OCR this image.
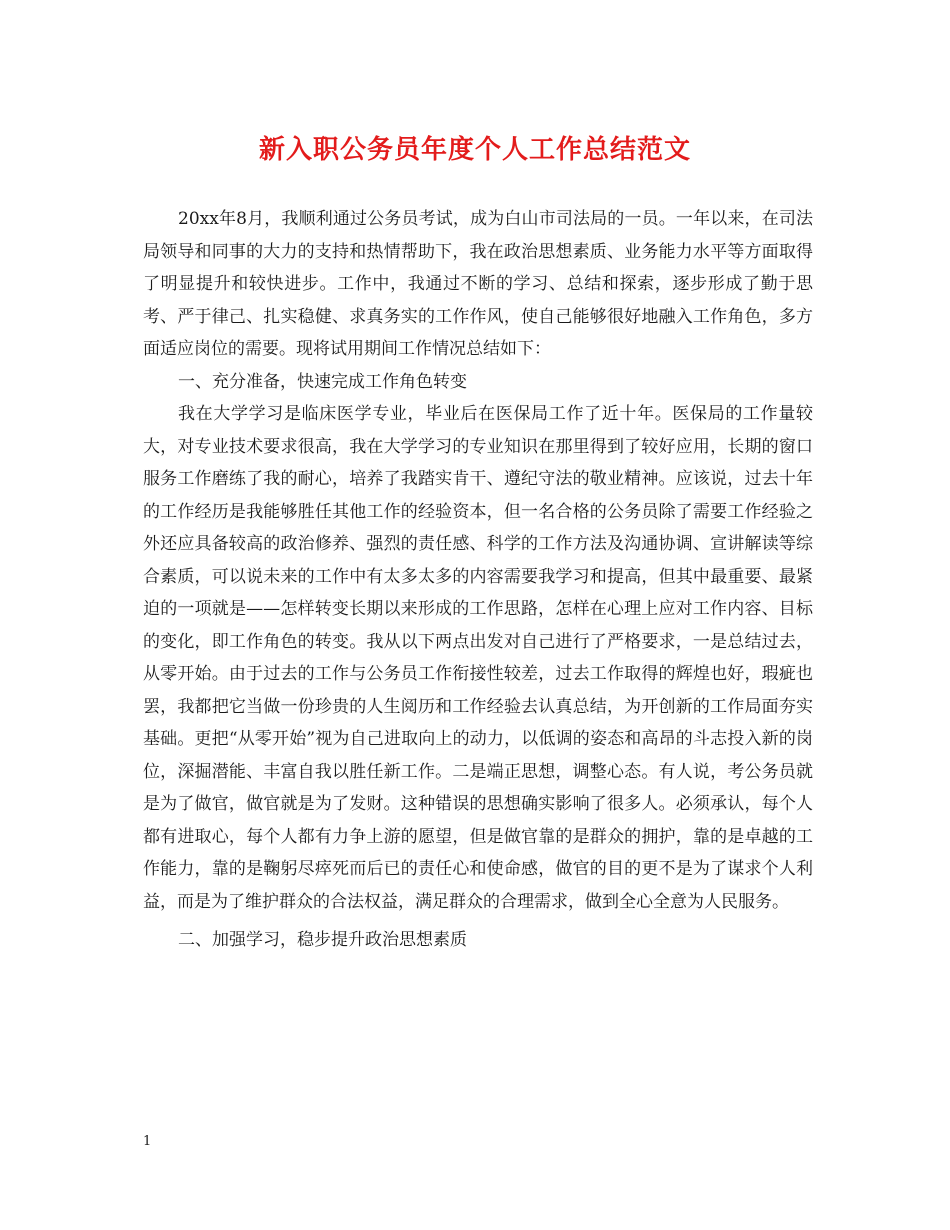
新入职公务员年度个人工作总结范文

20xx年8月，我顺利通过公务员考试，成为白山市司法局的一员。一年以来，在司法局领导和同事的大力的支持和热情帮助下，我在政治思想素质、业务能力水平等方面取得了明显提升和较快进步。工作中，我通过不断的学习、总结和探索，逐步形成了勤于思考、严于律己、扎实稳健、求真务实的工作作风，使自己能够很好地融入工作角色，多方面适应岗位的需要。现将试用期间工作情况总结如下：

一、充分准备，快速完成工作角色转变

我在大学学习是临床医学专业，毕业后在医保局工作了近十年。医保局的工作量较大，对专业技术要求很高，我在大学学习的专业知识在那里得到了较好应用，长期的窗口服务工作磨练了我的耐心，培养了我踏实肯干、遵纪守法的敬业精神。应该说，过去十年的工作经历是我能够胜任其他工作的经验资本，但一名合格的公务员除了需要工作经验之外还应具备较高的政治修养、强烈的责任感、科学的工作方法及沟通协调、宣讲解读等综合素质，可以说未来的工作中有太多太多的内容需要我学习和提高，但其中最重要、最紧迫的一项就是——怎样转变长期以来形成的工作思路，怎样在心理上应对工作内容、目标的变化，即工作角色的转变。我从以下两点出发对自己进行了严格要求，一是总结过去，从零开始。由于过去的工作与公务员工作衔接性较差，过去工作取得的辉煌也好，瑕疵也罢，我都把它当做一份珍贵的人生阅历和工作经验去认真总结，为开创新的工作局面夯实基础。更把“从零开始”视为自己进取向上的动力，以低调的姿态和高昂的斗志投入新的岗位，深掘潜能、丰富自我以胜任新工作。二是端正思想，调整心态。有人说，考公务员就是为了做官，做官就是为了发财。这种错误的思想确实影响了很多人。必须承认，每个人都有进取心，每个人都有力争上游的愿望，但是做官靠的是群众的拥护，靠的是卓越的工作能力，靠的是鞠躬尽瘁死而后已的责任心和使命感，做官的目的更不是为了谋求个人利益，而是为了维护群众的合法权益，满足群众的合理需求，做到全心全意为人民服务。

二、加强学习，稳步提升政治思想素质

1
